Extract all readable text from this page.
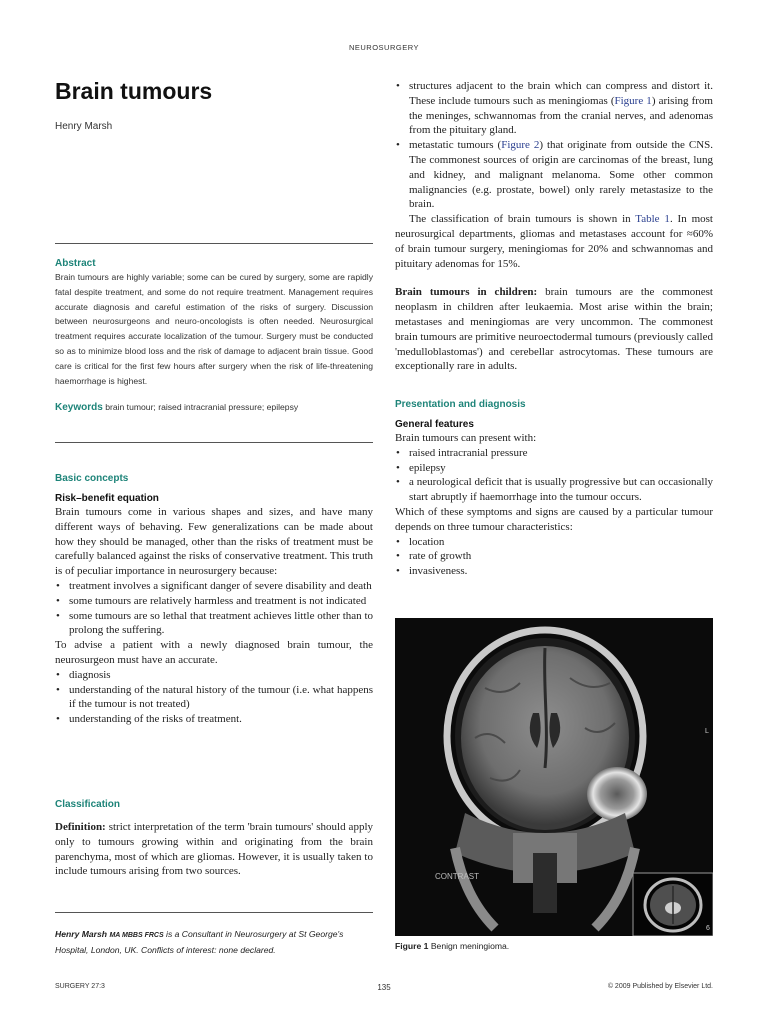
NEUROSURGERY
Brain tumours
Henry Marsh
Abstract

Brain tumours are highly variable; some can be cured by surgery, some are rapidly fatal despite treatment, and some do not require treatment. Management requires accurate diagnosis and careful estimation of the risks of surgery. Discussion between neurosurgeons and neuro-oncologists is often needed. Neurosurgical treatment requires accurate localization of the tumour. Surgery must be conducted so as to minimize blood loss and the risk of damage to adjacent brain tissue. Good care is critical for the first few hours after surgery when the risk of life-threatening haemorrhage is highest.

Keywords brain tumour; raised intracranial pressure; epilepsy
Basic concepts
Risk–benefit equation

Brain tumours come in various shapes and sizes, and have many different ways of behaving. Few generalizations can be made about how they should be managed, other than the risks of treatment must be carefully balanced against the risks of conservative treatment. This truth is of peculiar importance in neurosurgery because:

• treatment involves a significant danger of severe disability and death
• some tumours are relatively harmless and treatment is not indicated
• some tumours are so lethal that treatment achieves little other than to prolong the suffering.

To advise a patient with a newly diagnosed brain tumour, the neurosurgeon must have an accurate.

• diagnosis
• understanding of the natural history of the tumour (i.e. what happens if the tumour is not treated)
• understanding of the risks of treatment.
Classification

Definition: strict interpretation of the term 'brain tumours' should apply only to tumours growing within and originating from the brain parenchyma, most of which are gliomas. However, it is usually taken to include tumours arising from two sources.

Henry Marsh MA MBBS FRCS is a Consultant in Neurosurgery at St George's Hospital, London, UK. Conflicts of interest: none declared.
• structures adjacent to the brain which can compress and distort it. These include tumours such as meningiomas (Figure 1) arising from the meninges, schwannomas from the cranial nerves, and adenomas from the pituitary gland.
• metastatic tumours (Figure 2) that originate from outside the CNS. The commonest sources of origin are carcinomas of the breast, lung and kidney, and malignant melanoma. Some other common malignancies (e.g. prostate, bowel) only rarely metastasize to the brain.

The classification of brain tumours is shown in Table 1. In most neurosurgical departments, gliomas and metastases account for ≈60% of brain tumour surgery, meningiomas for 20% and schwannomas and pituitary adenomas for 15%.

Brain tumours in children: brain tumours are the commonest neoplasm in children after leukaemia. Most arise within the brain; metastases and meningiomas are very uncommon. The commonest brain tumours are primitive neuroectodermal tumours (previously called 'medulloblastomas') and cerebellar astrocytomas. These tumours are exceptionally rare in adults.

Presentation and diagnosis
General features

Brain tumours can present with:

• raised intracranial pressure
• epilepsy
• a neurological deficit that is usually progressive but can occasionally start abruptly if haemorrhage into the tumour occurs.

Which of these symptoms and signs are caused by a particular tumour depends on three tumour characteristics:

• location
• rate of growth
• invasiveness.
L
CONTRAST
6
Figure 1 Benign meningioma.
SURGERY 27:3	135	© 2009 Published by Elsevier Ltd.
